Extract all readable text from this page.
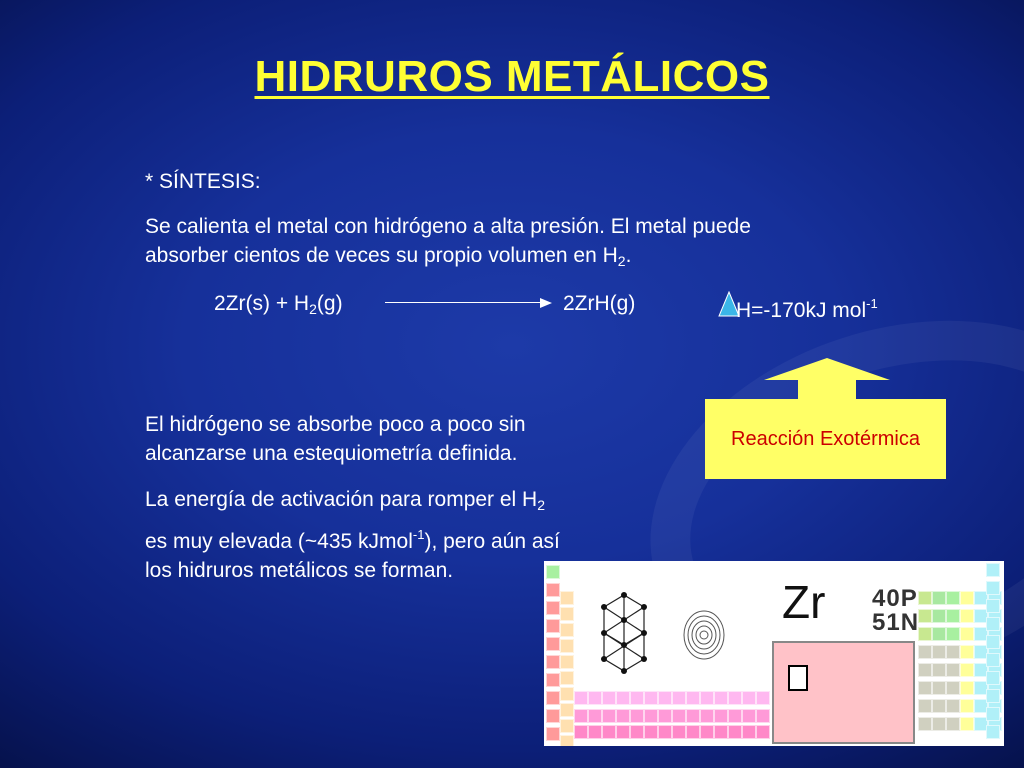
HIDRUROS METÁLICOS
* SÍNTESIS:
Se calienta el metal con hidrógeno a alta presión. El metal puede
absorber cientos de veces su propio volumen en $H_2$.
$2Zr(s) + H_2(g)$	2ZrH(g)	H=-170kJ mol$^{-1}$
Reacción Exotérmica
El hidrógeno se absorbe poco a poco sin
alcanzarse una estequiometría definida.
La energía de activación para romper el $H_2$
es muy elevada (~435 kJmol$^{-1}$), pero aún así
los hidruros metálicos se forman.
Zr 40P
51N
